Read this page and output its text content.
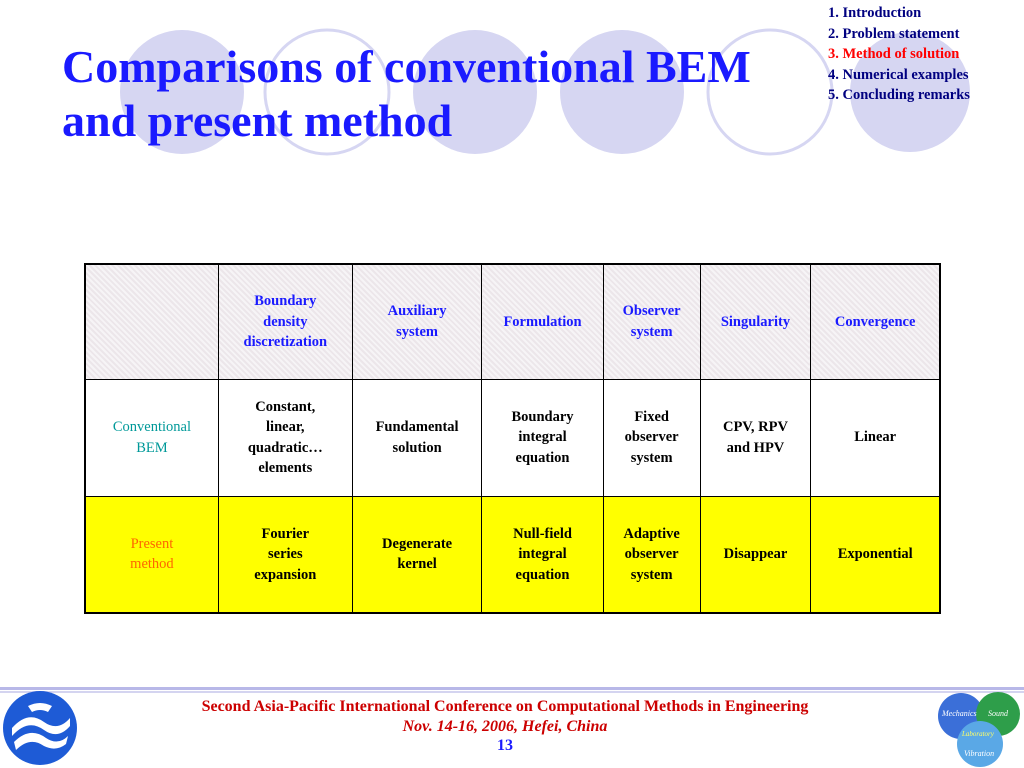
Comparisons of conventional BEM
and present method
1. Introduction
2. Problem statement
3. Method of solution
4. Numerical examples
5. Concluding remarks
	Boundary
density
discretization	Auxiliary
system	Formulation	Observer
system	Singularity	Convergence
Conventional
BEM	Constant,
linear,
quadratic…
elements	Fundamental
solution	Boundary
integral
equation	Fixed
observer
system	CPV, RPV
and HPV	Linear
Present
method	Fourier
series
expansion	Degenerate
kernel	Null-field
integral
equation	Adaptive
observer
system	Disappear	Exponential
Second Asia-Pacific International Conference on Computational Methods in Engineering
Nov. 14-16, 2006, Hefei, China
13
Mechanics Sound
Laboratory
Vibration
